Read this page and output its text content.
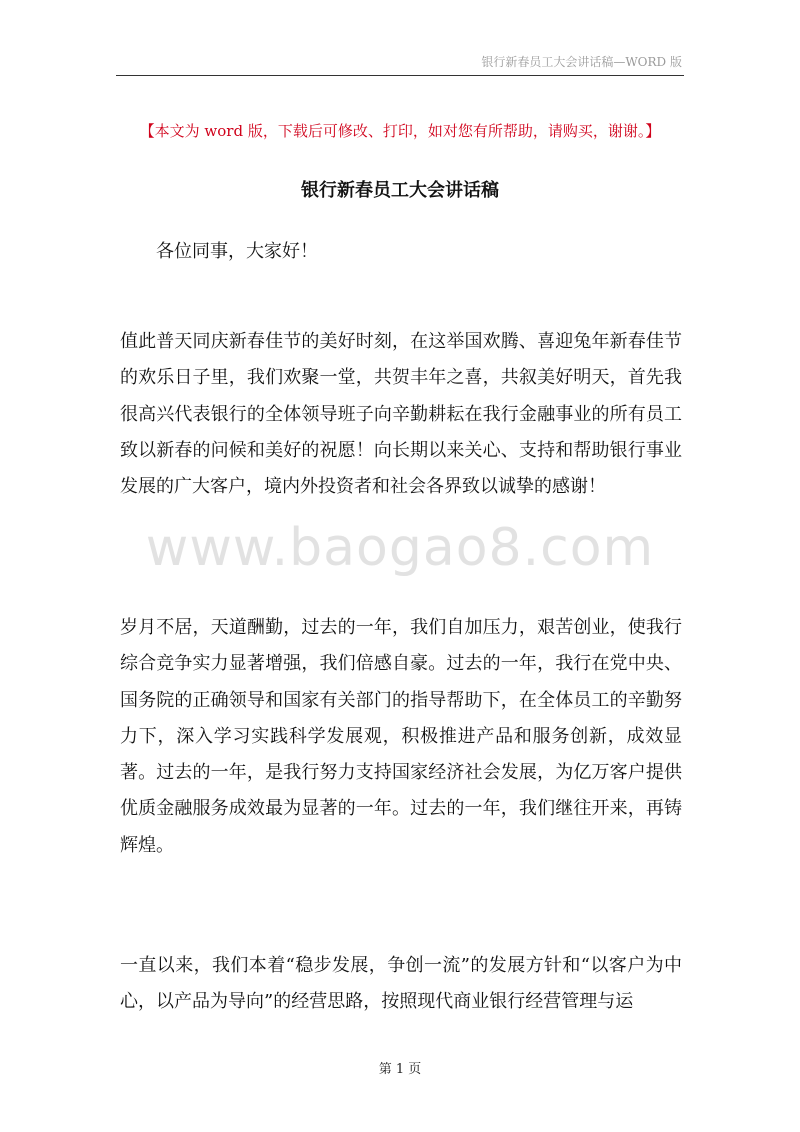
银行新春员工大会讲话稿—WORD 版
【本文为 word 版，下载后可修改、打印，如对您有所帮助，请购买，谢谢。】
银行新春员工大会讲话稿

各位同事，大家好！

值此普天同庆新春佳节的美好时刻，在这举国欢腾、喜迎兔年新春佳节的欢乐日子里，我们欢聚一堂，共贺丰年之喜，共叙美好明天，首先我很高兴代表银行的全体领导班子向辛勤耕耘在我行金融事业的所有员工致以新春的问候和美好的祝愿！向长期以来关心、支持和帮助银行事业发展的广大客户，境内外投资者和社会各界致以诚挚的感谢！

www.baogao8.com

岁月不居，天道酬勤，过去的一年，我们自加压力，艰苦创业，使我行综合竞争实力显著增强，我们倍感自豪。过去的一年，我行在党中央、国务院的正确领导和国家有关部门的指导帮助下，在全体员工的辛勤努力下，深入学习实践科学发展观，积极推进产品和服务创新，成效显著。过去的一年，是我行努力支持国家经济社会发展，为亿万客户提供优质金融服务成效最为显著的一年。过去的一年，我们继往开来，再铸辉煌。

一直以来，我们本着“稳步发展，争创一流”的发展方针和“以客户为中心，以产品为导向”的经营思路，按照现代商业银行经营管理与运

第 1 页
